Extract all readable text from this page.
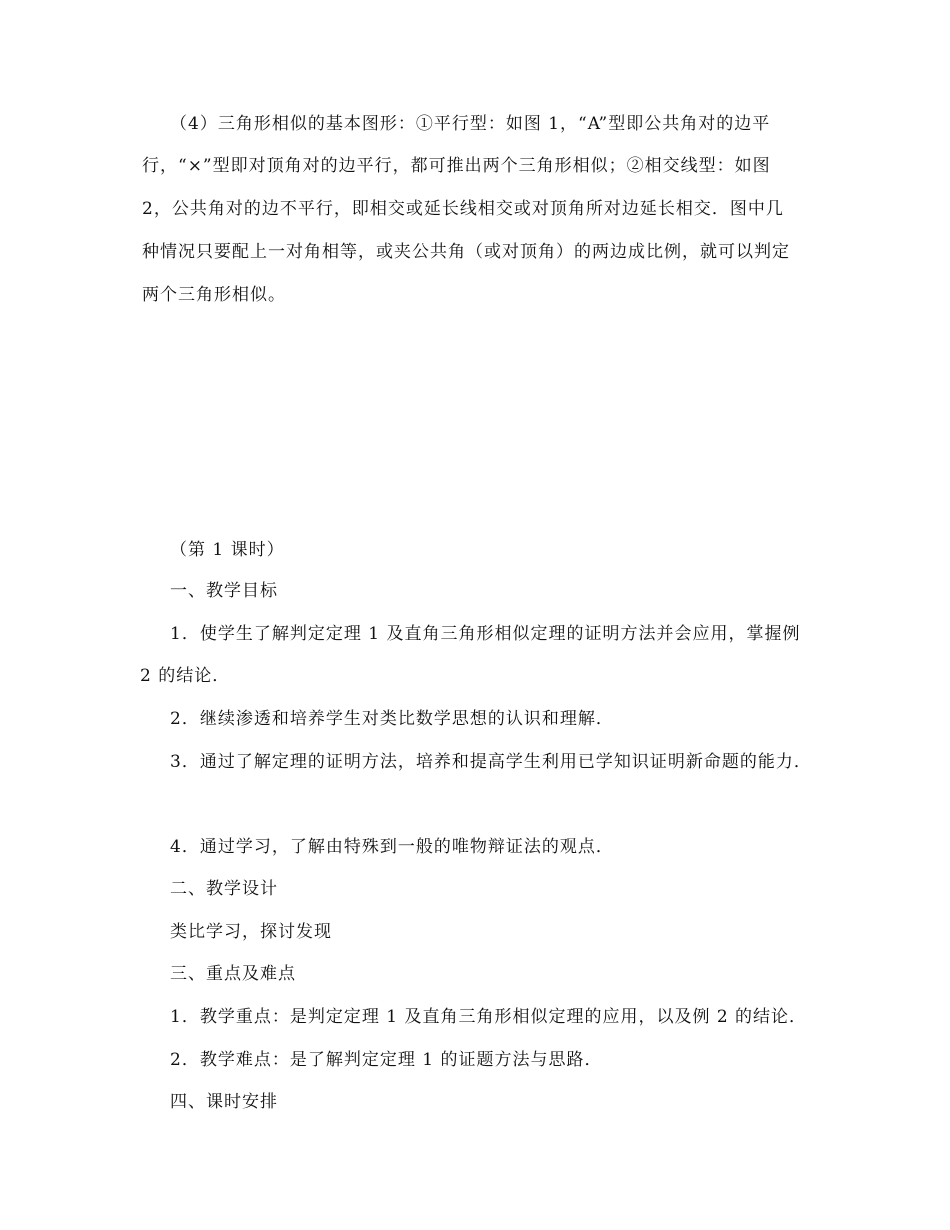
（4）三角形相似的基本图形：①平行型：如图 1，“A”型即公共角对的边平
行，“×”型即对顶角对的边平行，都可推出两个三角形相似；②相交线型：如图
2，公共角对的边不平行，即相交或延长线相交或对顶角所对边延长相交．图中几
种情况只要配上一对角相等，或夹公共角（或对顶角）的两边成比例，就可以判定
两个三角形相似。
（第 1 课时）
一、教学目标
1．使学生了解判定定理 1 及直角三角形相似定理的证明方法并会应用，掌握例
2 的结论．
2．继续渗透和培养学生对类比数学思想的认识和理解．
3．通过了解定理的证明方法，培养和提高学生利用已学知识证明新命题的能力．
4．通过学习，了解由特殊到一般的唯物辩证法的观点．
二、教学设计
类比学习，探讨发现
三、重点及难点
1．教学重点：是判定定理 1 及直角三角形相似定理的应用，以及例 2 的结论．
2．教学难点：是了解判定定理 1 的证题方法与思路．
四、课时安排
